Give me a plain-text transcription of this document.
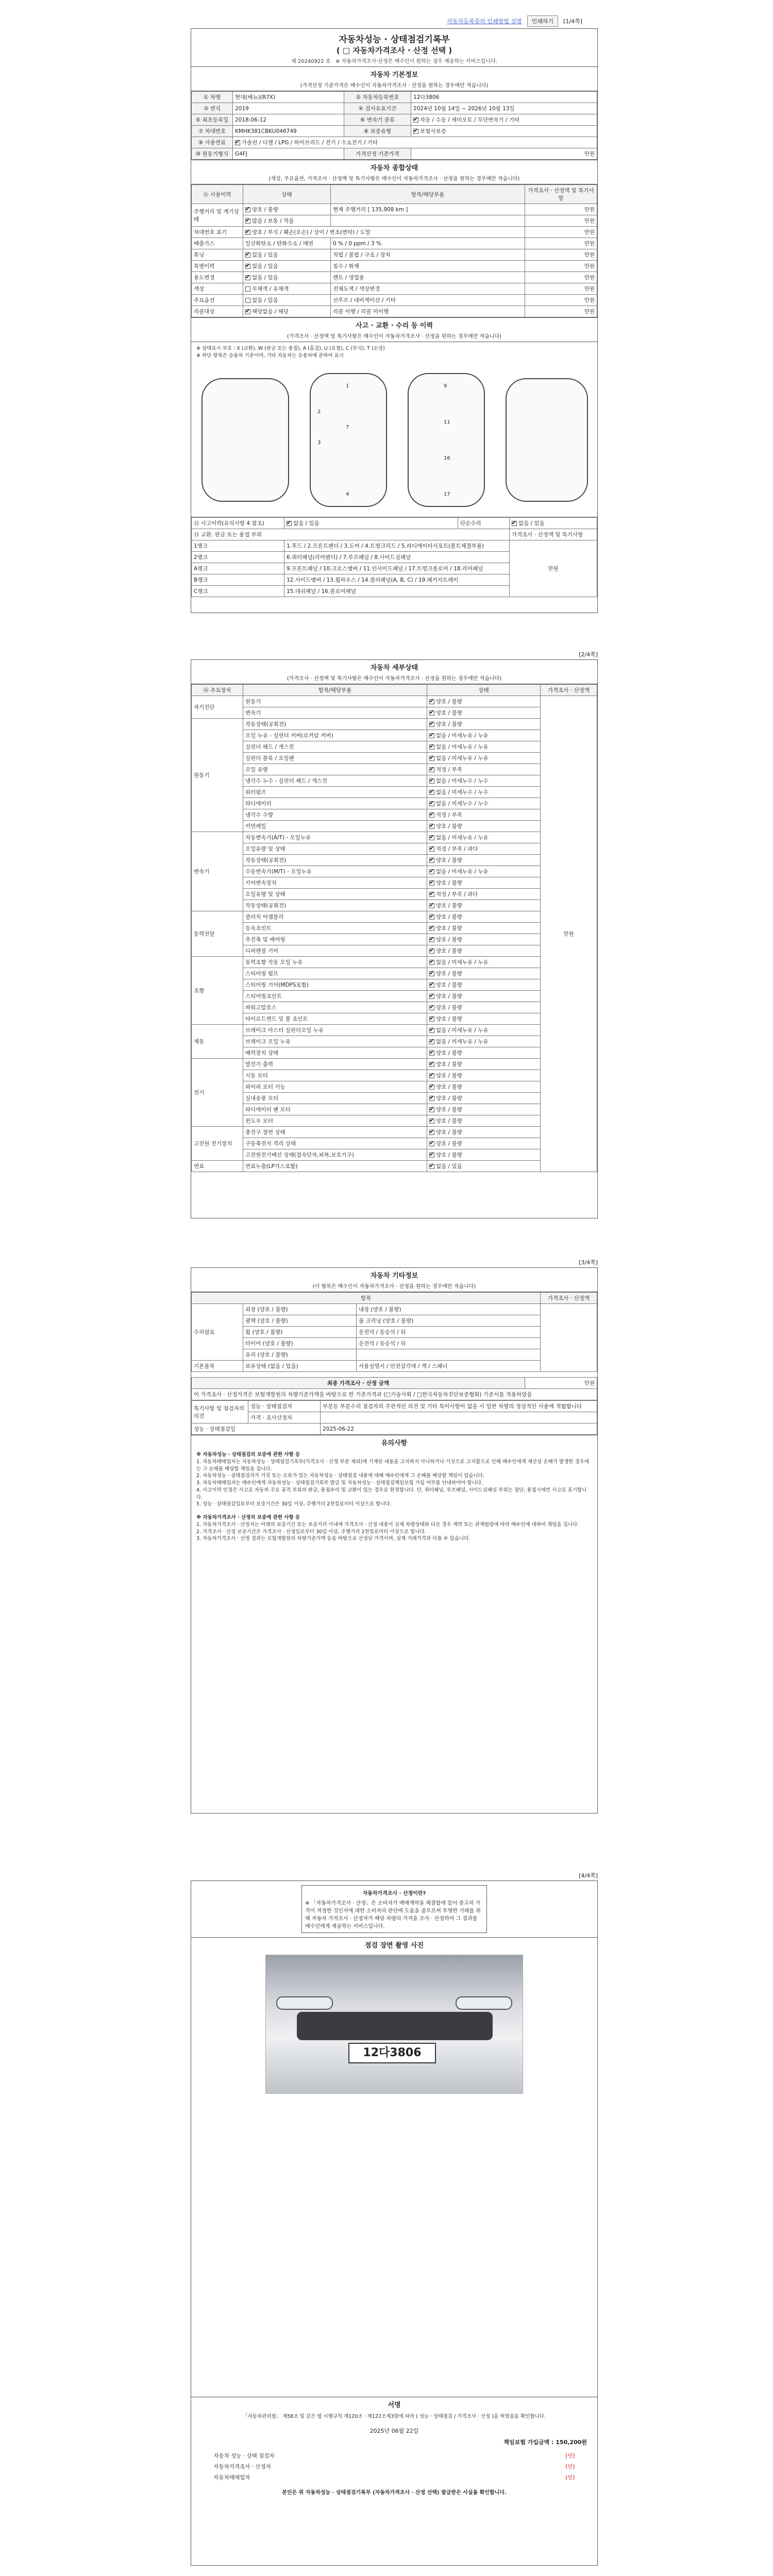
자동차등록증의 인쇄방법 설명	인쇄하기	[1/4쪽]
자동차성능 · 상태점검기록부
( □ 자동차가격조사 · 산정 선택 )
제 20240922 호 ※ 자동차가격조사·산정은 매수인이 원하는 경우 제공하는 서비스입니다.
자동차 기본정보
(가격산정 기준가격은 매수인이 자동차가격조사 · 산정을 원하는 경우에만 적습니다)
① 차명	현대(베뉴)(R7X)	② 자동차등록번호	12다3806
③ 연식	2019	④ 검사유효기간	2024년 10월 14일 ~ 2026년 10월 13일
⑤ 최초등록일	2018-06-12	⑥ 변속기 종류	✔자동 / 수동 / 세미오토 / 무단변속기 / 기타
⑦ 차대번호	KMHK381CBKU046749	⑧ 보증유형	✔보험사보증
⑨ 사용연료	✔가솔린 / 디젤 / LPG / 하이브리드 / 전기 / 수소전기 / 기타
⑩ 원동기형식	G4FJ	가격산정 기준가격	만원
자동차 종합상태
(색상, 주요옵션, 가격조사 · 산정액 및 특기사항은 매수인이 자동차가격조사 · 산정을 원하는 경우에만 적습니다)
⑪ 사용이력	상태	항목/해당부품	가격조사 · 산정액 및 특기사항
주행거리 및 계기상태	✔양호 / 불량	현재 주행거리 [ 135,908 km ]	만원
✔많음 / 보통 / 적음		만원
차대번호 표기	✔양호 / 부식 / 훼손(오손) / 상이 / 변조(변타) / 도말		만원
배출가스	일산화탄소 / 탄화수소 / 매연	0 % / 0 ppm / 3 %	만원
튜닝	✔없음 / 있음	적법 / 불법 / 구조 / 장치	만원
특별이력	✔없음 / 있음	침수 / 화재	만원
용도변경	✔없음 / 있음	렌트 / 영업용	만원
색상	무채색 / 유채색	전체도색 / 색상변경	만원
주요옵션	없음 / 있음	선루프 / 네비게이션 / 기타	만원
리콜대상	✔해당없음 / 해당	리콜 이행 / 리콜 미이행	만원
사고 · 교환 · 수리 등 이력
(가격조사 · 산정액 및 특기사항은 매수인이 자동차가격조사 · 산정을 원하는 경우에만 적습니다)
※ 상태표시 부호 : X (교환), W (판금 또는 용접), A (흠집), U (요철), C (부식), T (손상)
※ 하단 항목은 승용차 기준이며, 기타 자동차는 승용차에 준하여 표시
1
2
3
4
7
9
11
16
17
⑫ 사고이력(유의사항 4 참조)	✔없음 / 있음	단순수리	✔없음 / 있음
⑬ 교환, 판금 또는 용접 부위			가격조사 · 산정액 및 특기사항
1랭크	1.후드 / 2.프론트펜더 / 3.도어 / 4.트렁크리드 / 5.라디에이터서포트(볼트체결부품)		만원
2랭크	6.쿼터패널(리어펜더) / 7.루프패널 / 8.사이드실패널		
A랭크	9.프론트패널 / 10.크로스멤버 / 11.인사이드패널 / 17.트렁크플로어 / 18.리어패널		
B랭크	12.사이드멤버 / 13.휠하우스 / 14.필러패널(A, B, C) / 19.패키지트레이		
C랭크	15.대쉬패널 / 16.플로어패널		
[2/4쪽]
자동차 세부상태
(가격조사 · 산정액 및 특기사항은 매수인이 자동차가격조사 · 산정을 원하는 경우에만 적습니다)
⑭ 주요장치	항목/해당부품	상태	가격조사 · 산정액
자기진단	원동기	✔양호 / 불량	만원
	변속기	✔양호 / 불량
원동기	작동상태(공회전)	✔양호 / 불량
	오일 누유 - 실린더 커버(로커암 커버)	✔없음 / 미세누유 / 누유
	실린더 헤드 / 개스킷	✔없음 / 미세누유 / 누유
	실린더 블록 / 오일팬	✔없음 / 미세누유 / 누유
	오일 유량	✔적정 / 부족
	냉각수 누수 - 실린더 헤드 / 개스킷	✔없음 / 미세누수 / 누수
	워터펌프	✔없음 / 미세누수 / 누수
	라디에이터	✔없음 / 미세누수 / 누수
	냉각수 수량	✔적정 / 부족
	커먼레일	✔양호 / 불량
변속기	자동변속기(A/T) - 오일누유	✔없음 / 미세누유 / 누유
	오일유량 및 상태	✔적정 / 부족 / 과다
	작동상태(공회전)	✔양호 / 불량
	수동변속기(M/T) - 오일누유	✔없음 / 미세누유 / 누유
	기어변속장치	✔양호 / 불량
	오일유량 및 상태	✔적정 / 부족 / 과다
	작동상태(공회전)	✔양호 / 불량
동력전달	클러치 어셈블리	✔양호 / 불량
	등속조인트	✔양호 / 불량
	추진축 및 베어링	✔양호 / 불량
	디퍼렌셜 기어	✔양호 / 불량
조향	동력조향 작동 오일 누유	✔없음 / 미세누유 / 누유
	스티어링 펌프	✔양호 / 불량
	스티어링 기어(MDPS포함)	✔양호 / 불량
	스티어링조인트	✔양호 / 불량
	파워고압호스	✔양호 / 불량
	타이로드엔드 및 볼 조인트	✔양호 / 불량
제동	브레이크 마스터 실린더오일 누유	✔없음 / 미세누유 / 누유
	브레이크 오일 누유	✔없음 / 미세누유 / 누유
	배력장치 상태	✔양호 / 불량
전기	발전기 출력	✔양호 / 불량
	시동 모터	✔양호 / 불량
	와이퍼 모터 기능	✔양호 / 불량
	실내송풍 모터	✔양호 / 불량
	라디에이터 팬 모터	✔양호 / 불량
	윈도우 모터	✔양호 / 불량
고전원 전기장치	충전구 절연 상태	✔양호 / 불량
	구동축전지 격리 상태	✔양호 / 불량
	고전원전기배선 상태(접속단자,피복,보호기구)	✔양호 / 불량
연료	연료누출(LP가스포함)	✔없음 / 있음
[3/4쪽]
자동차 기타정보
(이 항목은 매수인이 자동차가격조사 · 산정을 원하는 경우에만 적습니다)
항목			가격조사 · 산정액
수리필요	외장 (양호 / 불량)	내장 (양호 / 불량)	
	광택 (양호 / 불량)	룸 크리닝 (양호 / 불량)	
	휠 (양호 / 불량)	운전석 / 동승석 / 뒤	
	타이어 (양호 / 불량)	운전석 / 동승석 / 뒤	
	유리 (양호 / 불량)		
기본품목	보유상태 (없음 / 있음)	사용설명서 / 안전삼각대 / 잭 / 스패너	
최종 가격조사 · 산정 금액	만원
이 가격조사 · 산정가격은 보험개발원의 차량기준가액을 바탕으로 한 기준가격과 (□기술사회 / □한국자동차진단보증협회) 기준서를 적용하였음
특기사항 및 점검자의 의견	성능 · 상태점검자	부분등 부분수리 점검자의 주관적인 의견 및 기타 특이사항이 없을 시 일반 차량의 정상적인 사용에 적합합니다
	가격 · 조사산정자	
성능 · 상태점검일		2025-06-22
유의사항
※ 자동차성능 · 상태점검의 보증에 관한 사항 등
1. 자동차매매업자는 자동차성능 · 상태점검기록부(가격조사 · 산정 부분 제외)에 기재된 내용을 고지하지 아니하거나 거짓으로 고지함으로 인해 매수인에게 재산상 손해가 발생한 경우에는 그 손해를 배상할 책임을 집니다.
2. 자동차성능 · 상태점검자가 거짓 또는 오류가 있는 자동차성능 · 상태점검 내용에 대해 매수인에게 그 손해를 배상할 책임이 있습니다.
3. 자동차매매업자는 매수인에게 자동차성능 · 상태점검기록부 발급 및 자동차성능 · 상태점검책임보험 가입 여부를 안내하여야 합니다.
4. 사고이력 인정은 사고로 자동차 주요 골격 부위의 판금, 용접수리 및 교환이 있는 경우로 한정합니다. 단, 쿼터패널, 루프패널, 사이드실패널 부위는 절단, 용접시에만 사고로 표기합니다.
5. 성능 · 상태점검일로부터 보증기간은 30일 이상, 주행거리 2천킬로미터 이상으로 합니다.
※ 자동차가격조사 · 산정의 보증에 관한 사항 등
1. 자동차가격조사 · 산정자는 아래의 보증기간 또는 보증거리 이내에 가격조사 · 산정 내용이 실제 차량상태와 다른 경우 계약 또는 관계법령에 따라 매수인에 대하여 책임을 집니다.
2. 가격조사 · 산정 보증기간은 가격조사 · 산정일로부터 30일 이상, 주행거리 2천킬로미터 이상으로 합니다.
3. 자동차가격조사 · 산정 결과는 보험개발원의 차량기준가액 등을 바탕으로 산정된 가격이며, 실제 거래가격과 다를 수 있습니다.
[4/4쪽]
자동차가격조사 · 산정이란?
※ 「자동차가격조사 · 산정」은 소비자가 매매계약을 체결함에 있어 중고차 가격이 적정한 것인지에 대한 소비자의 판단에 도움을 줌으로써 투명한 거래를 위해 자동차 가격조사 · 산정자가 해당 차량의 가격을 조사 · 산정하여 그 결과를 매수인에게 제공하는 서비스입니다.
점검 장면 촬영 사진
12다3806
서명
「자동차관리법」 제58조 및 같은 법 시행규칙 제120조 · 제122조제3항에 따라 ( 성능 · 상태점검 / 가격조사 · 산정 )을 하였음을 확인합니다.
2025년 06월 22일
책임보험 가입금액 : 150,200원
자동차 성능 · 상태 점검자	(인)
자동차가격조사 · 산정자	(인)
자동차매매업자	(인)
본인은 위 자동차성능 · 상태점검기록부 (자동차가격조사 · 산정 선택) 발급받은 사실을 확인합니다.
